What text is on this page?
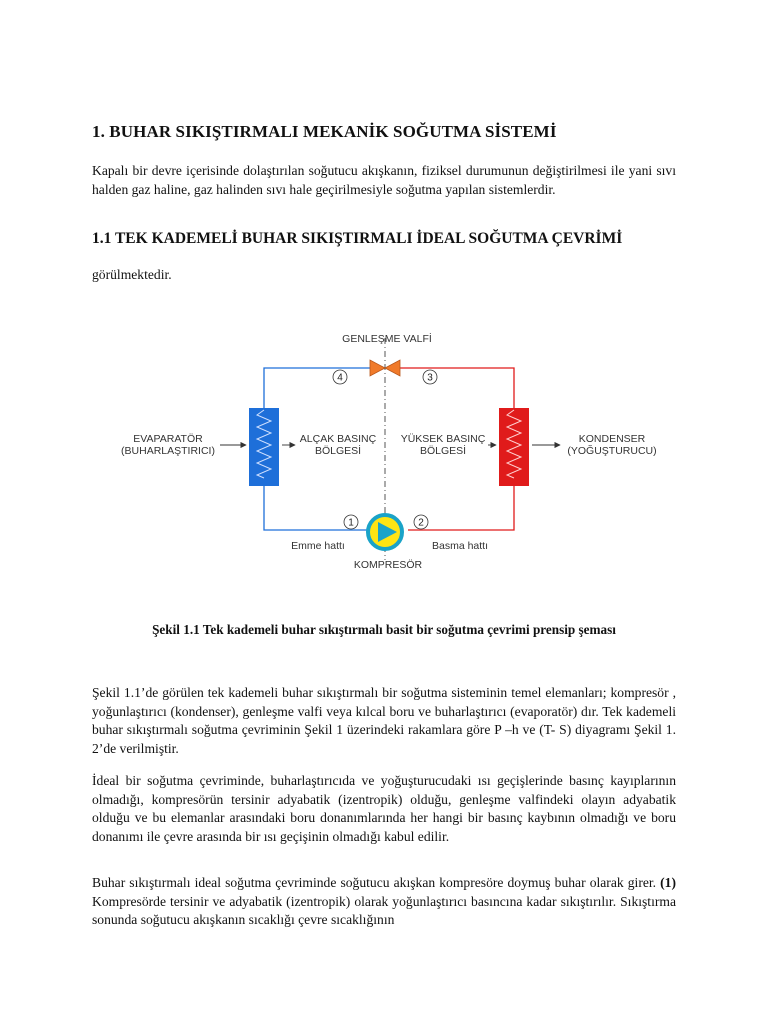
1. BUHAR SIKIŞTIRMALI MEKANİK SOĞUTMA SİSTEMİ

Kapalı bir devre içerisinde dolaştırılan soğutucu akışkanın, fiziksel durumunun değiştirilmesi ile yani sıvı halden gaz haline, gaz halinden sıvı hale geçirilmesiyle soğutma yapılan sistemlerdir.

1.1 TEK KADEMELİ BUHAR SIKIŞTIRMALI İDEAL SOĞUTMA ÇEVRİMİ

görülmektedir.

Şekil 1.1 Tek kademeli buhar sıkıştırmalı basit bir soğutma çevrimi prensip şeması

Şekil 1.1’de görülen tek kademeli buhar sıkıştırmalı bir soğutma sisteminin temel elemanları; kompresör , yoğunlaştırıcı (kondenser), genleşme valfi veya kılcal boru ve buharlaştırıcı (evaporatör) dır. Tek kademeli buhar sıkıştırmalı soğutma çevriminin Şekil 1 üzerindeki rakamlara göre P –h ve (T- S) diyagramı Şekil 1. 2’de verilmiştir.

İdeal bir soğutma çevriminde, buharlaştırıcıda ve yoğuşturucudaki ısı geçişlerinde basınç kayıplarının olmadığı, kompresörün tersinir adyabatik (izentropik) olduğu, genleşme valfindeki olayın adyabatik olduğu ve bu elemanlar arasındaki boru donanımlarında her hangi bir basınç kaybının olmadığı ve boru donanımı ile çevre arasında bir ısı geçişinin olmadığı kabul edilir.

Buhar sıkıştırmalı ideal soğutma çevriminde soğutucu akışkan kompresöre doymuş buhar olarak girer. (1) Kompresörde tersinir ve adyabatik (izentropik) olarak yoğunlaştırıcı basıncına kadar sıkıştırılır. Sıkıştırma sonunda soğutucu akışkanın sıcaklığı çevre sıcaklığının

4	3
1	2
GENLEŞME VALFİ
EVAPARATÖR
(BUHARLAŞTIRICI)
ALÇAK BASINÇ
BÖLGESİ
YÜKSEK BASINÇ
BÖLGESİ
KONDENSER
(YOĞUŞTURUCU)
Emme hattı	Basma hattı
KOMPRESÖR
